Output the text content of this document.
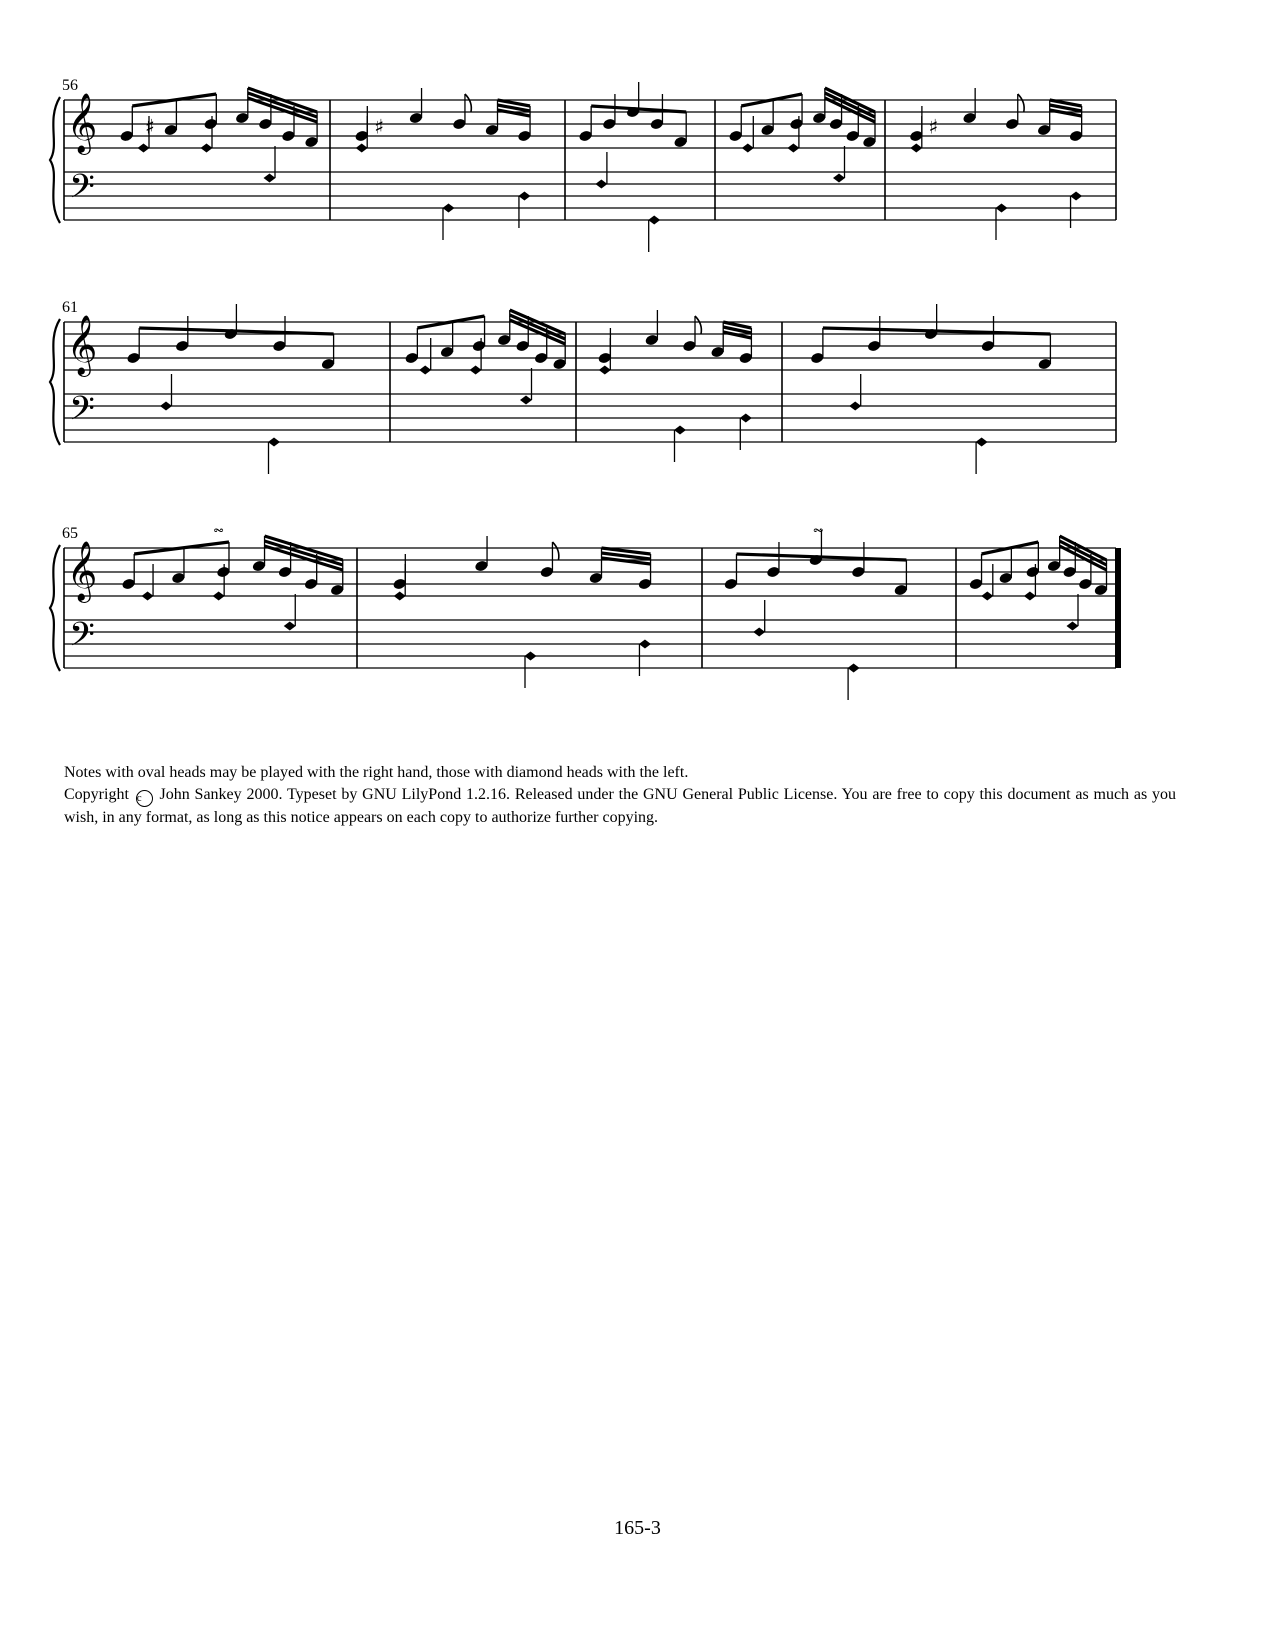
𝄞
𝄢
56
♯	♯	♯
𝄞
𝄢
61
𝄞
𝄢
65	𝆗	𝆗
Notes with oval heads may be played with the right hand, those with diamond heads with the left.
Copyright c John Sankey 2000. Typeset by GNU LilyPond 1.2.16. Released under the GNU General Public License. You are free to copy this document as much as you wish, in any format, as long as this notice appears on each copy to authorize further copying.
165-3
